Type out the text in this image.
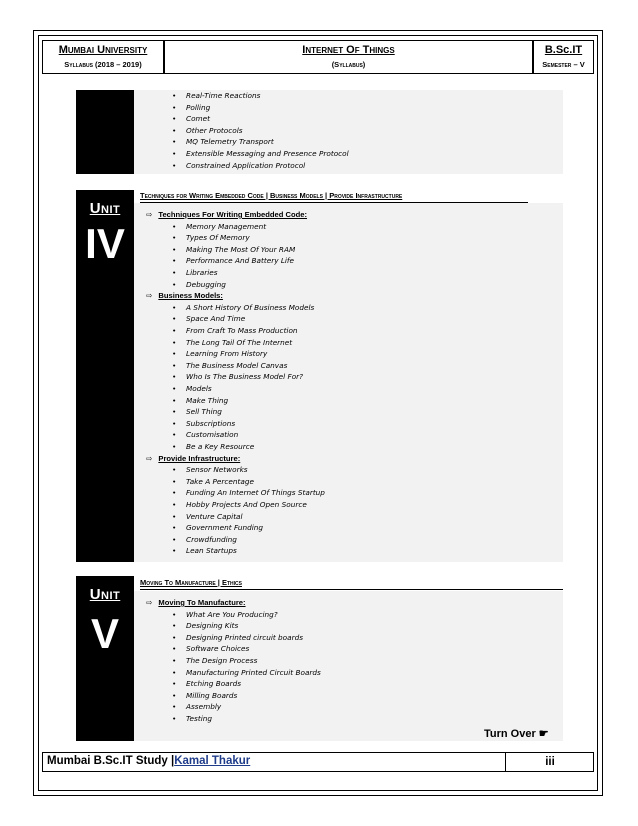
Mumbai University
Syllabus (2018 – 2019)
Internet Of Things
(Syllabus)
B.Sc.IT
Semester – V
• Real-Time Reactions
• Polling
• Comet
• Other Protocols
• MQ Telemetry Transport
• Extensible Messaging and Presence Protocol
• Constrained Application Protocol
Unit
IV
Techniques for Writing Embedded Code | Business Models | Provide Infrastructure
⇨ Techniques For Writing Embedded Code:
• Memory Management
• Types Of Memory
• Making The Most Of Your RAM
• Performance And Battery Life
• Libraries
• Debugging
⇨ Business Models:
• A Short History Of Business Models
• Space And Time
• From Craft To Mass Production
• The Long Tail Of The Internet
• Learning From History
• The Business Model Canvas
• Who Is The Business Model For?
• Models
• Make Thing
• Sell Thing
• Subscriptions
• Customisation
• Be a Key Resource
⇨ Provide Infrastructure:
• Sensor Networks
• Take A Percentage
• Funding An Internet Of Things Startup
• Hobby Projects And Open Source
• Venture Capital
• Government Funding
• Crowdfunding
• Lean Startups
Unit
V
Moving To Manufacture | Ethics
⇨ Moving To Manufacture:
• What Are You Producing?
• Designing Kits
• Designing Printed circuit boards
• Software Choices
• The Design Process
• Manufacturing Printed Circuit Boards
• Etching Boards
• Milling Boards
• Assembly
• Testing
Turn Over ☛
Mumbai B.Sc.IT Study |Kamal Thakur	iii
